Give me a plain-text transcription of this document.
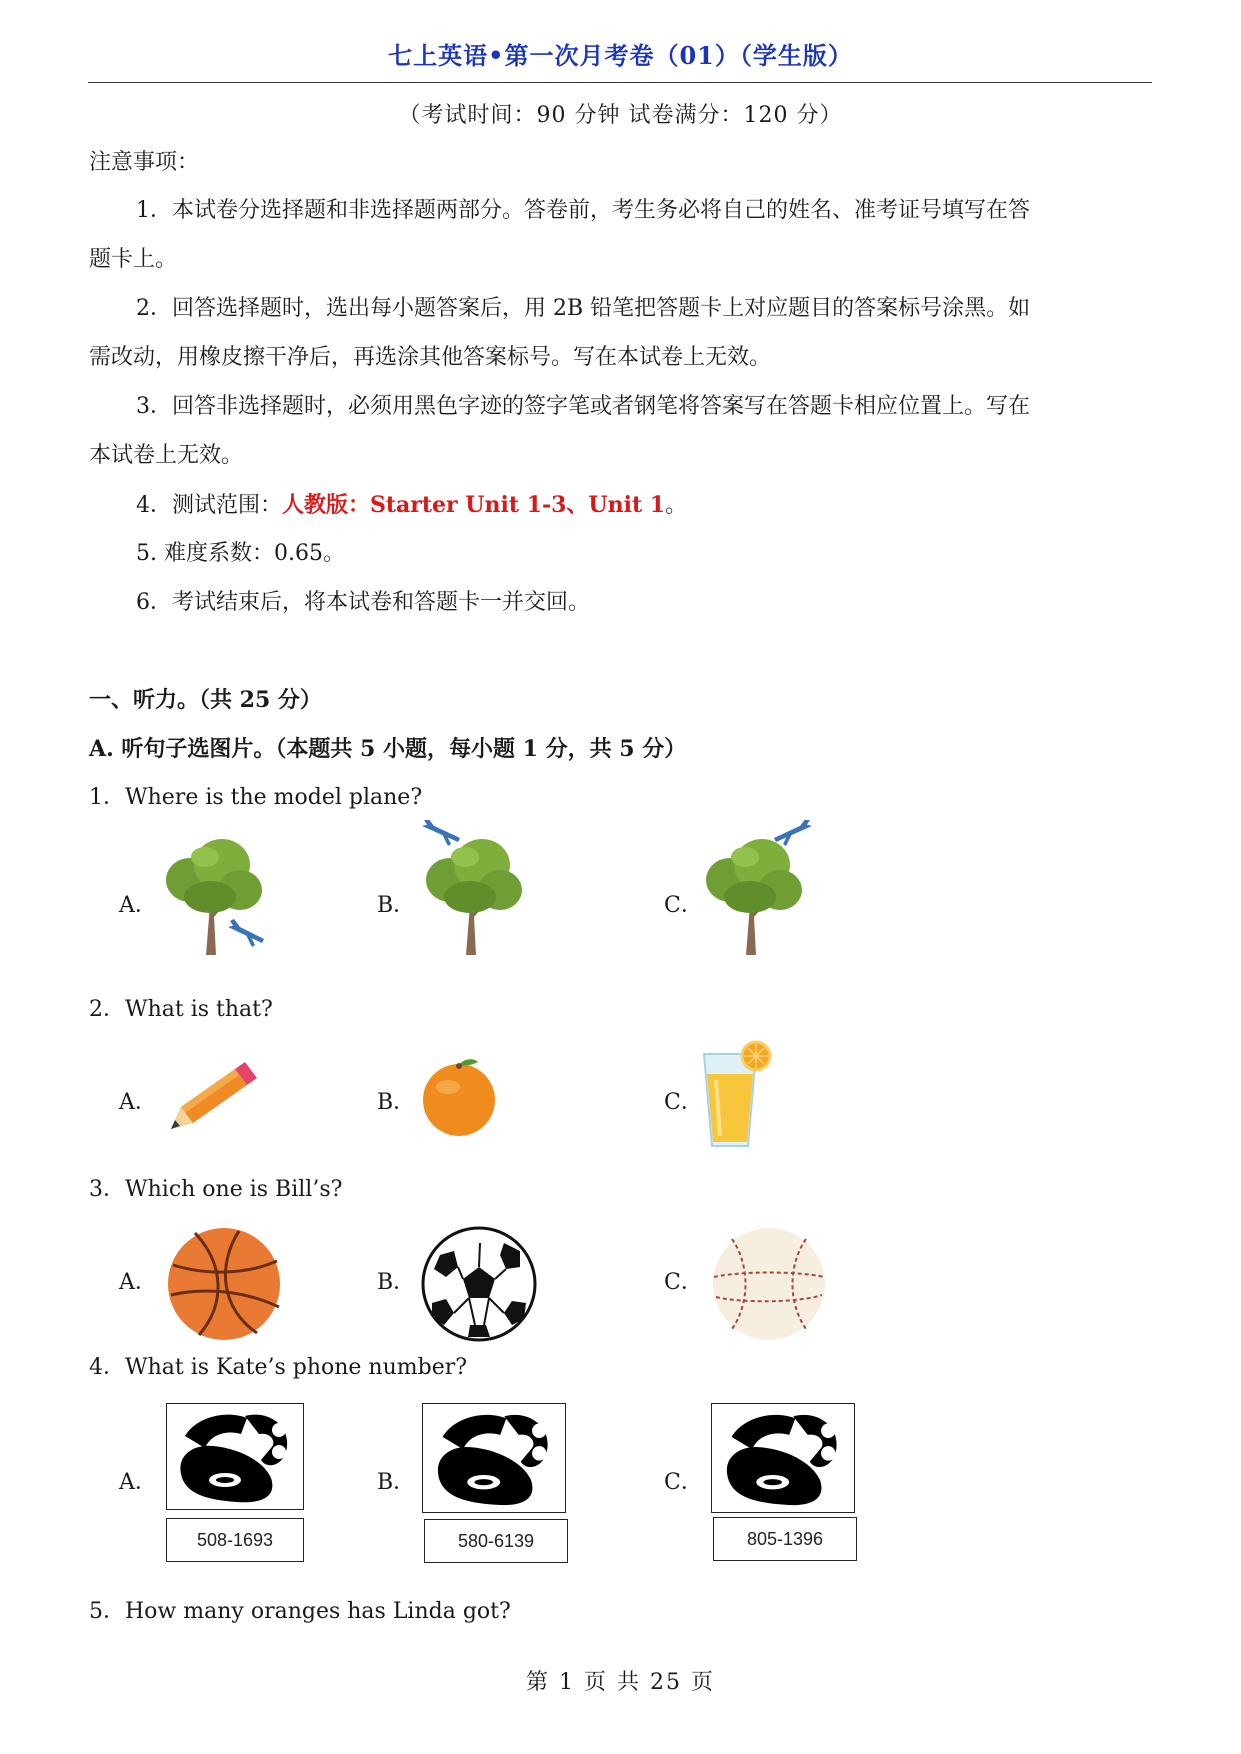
七上英语•第一次月考卷（01）（学生版）
（考试时间：90 分钟 试卷满分：120 分）
注意事项：
1．本试卷分选择题和非选择题两部分。答卷前，考生务必将自己的姓名、准考证号填写在答
题卡上。
2．回答选择题时，选出每小题答案后，用 2B 铅笔把答题卡上对应题目的答案标号涂黑。如
需改动，用橡皮擦干净后，再选涂其他答案标号。写在本试卷上无效。
3．回答非选择题时，必须用黑色字迹的签字笔或者钢笔将答案写在答题卡相应位置上。写在
本试卷上无效。
4．测试范围：人教版：Starter Unit 1-3、Unit 1。
5. 难度系数：0.65。
6．考试结束后，将本试卷和答题卡一并交回。
一、听力。（共 25 分）
A. 听句子选图片。（本题共 5 小题，每小题 1 分，共 5 分）
1．Where is the model plane?
A．	B．	C．
2．What is that?
A．	B．	C．
3．Which one is Bill’s?
A．	B．	C．
4．What is Kate’s phone number?
A．	B．	C．
508-1693	580-6139	805-1396
5．How many oranges has Linda got?
第 1 页 共 25 页
